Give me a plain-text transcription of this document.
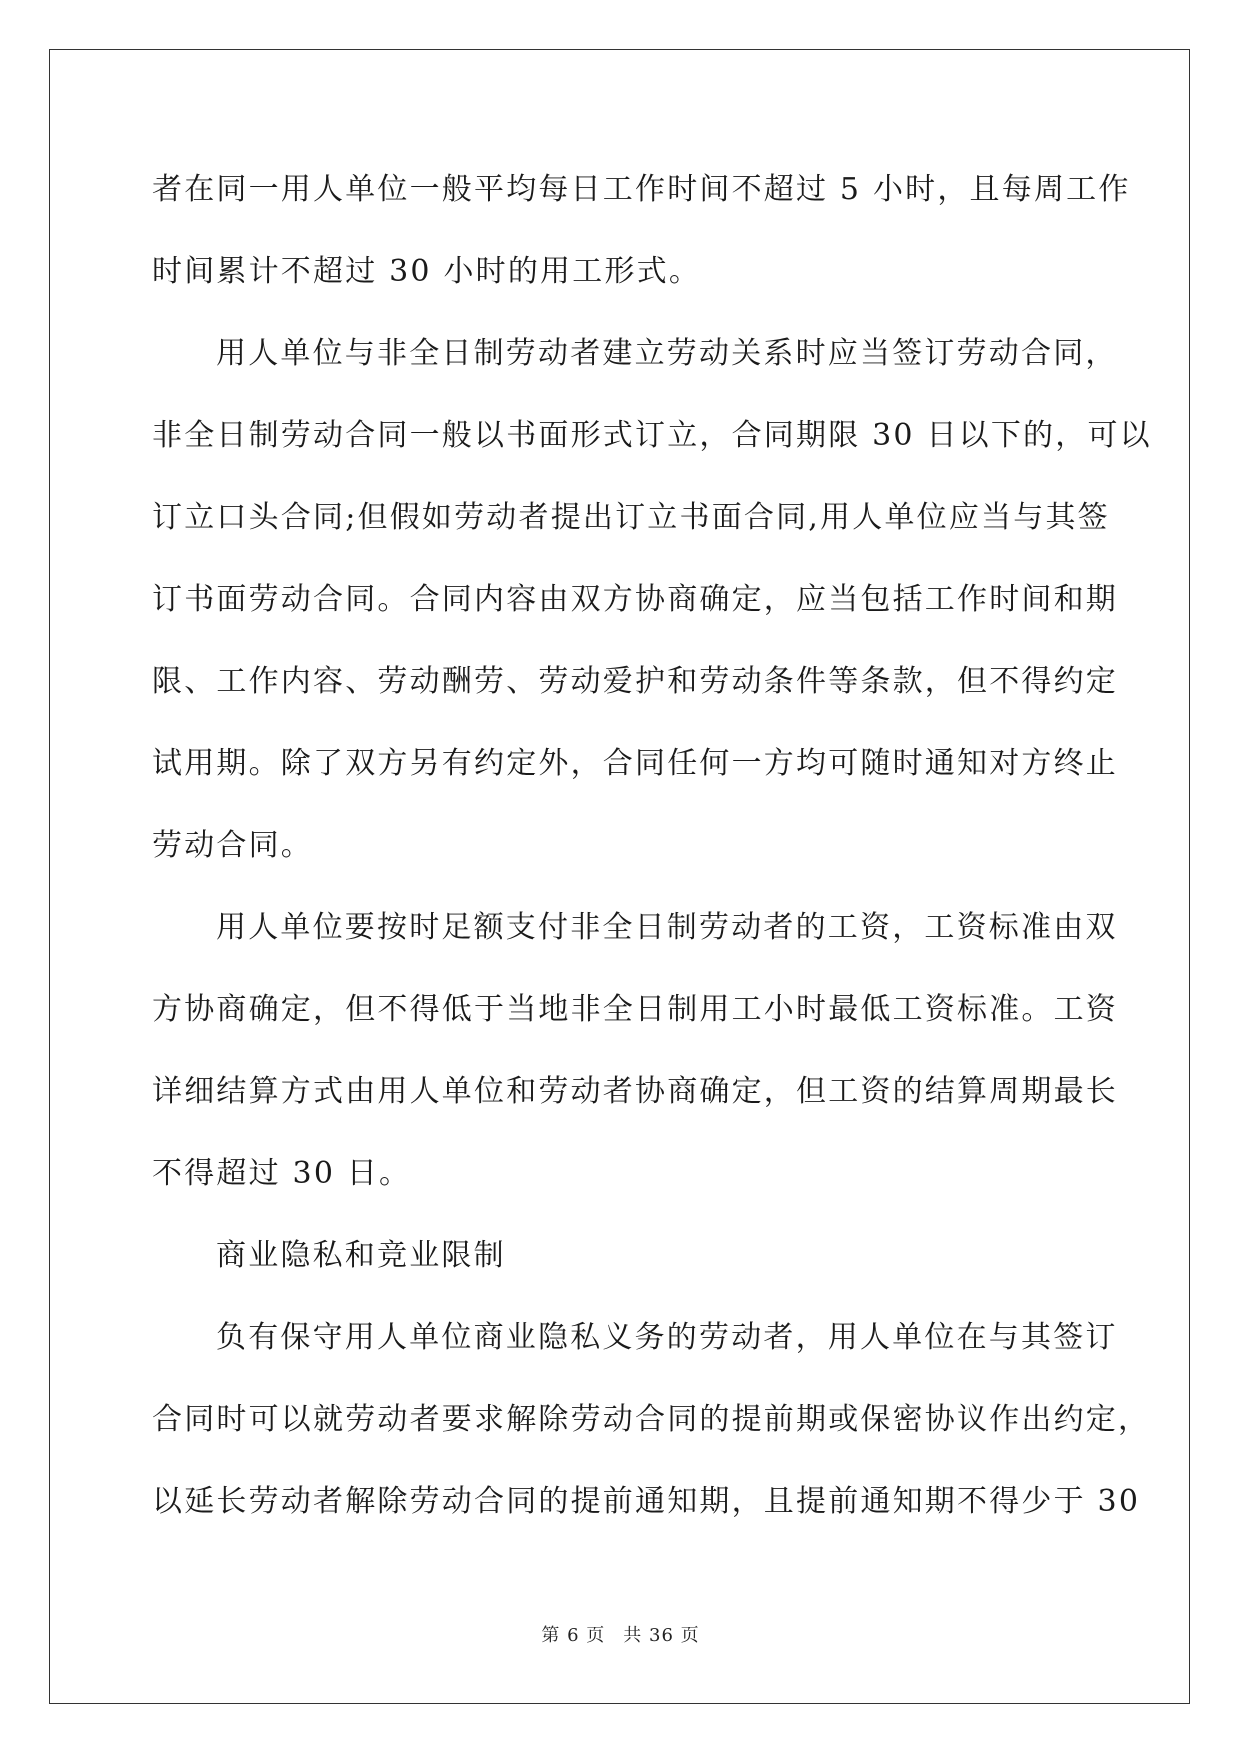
者在同一用人单位一般平均每日工作时间不超过 5 小时，且每周工作
时间累计不超过 30 小时的用工形式。
用人单位与非全日制劳动者建立劳动关系时应当签订劳动合同，
非全日制劳动合同一般以书面形式订立，合同期限 30 日以下的，可以
订立口头合同;但假如劳动者提出订立书面合同,用人单位应当与其签
订书面劳动合同。合同内容由双方协商确定，应当包括工作时间和期
限、工作内容、劳动酬劳、劳动爱护和劳动条件等条款，但不得约定
试用期。除了双方另有约定外，合同任何一方均可随时通知对方终止
劳动合同。
用人单位要按时足额支付非全日制劳动者的工资，工资标准由双
方协商确定，但不得低于当地非全日制用工小时最低工资标准。工资
详细结算方式由用人单位和劳动者协商确定，但工资的结算周期最长
不得超过 30 日。
商业隐私和竞业限制
负有保守用人单位商业隐私义务的劳动者，用人单位在与其签订
合同时可以就劳动者要求解除劳动合同的提前期或保密协议作出约定，
以延长劳动者解除劳动合同的提前通知期，且提前通知期不得少于 30
第 6 页 共 36 页
